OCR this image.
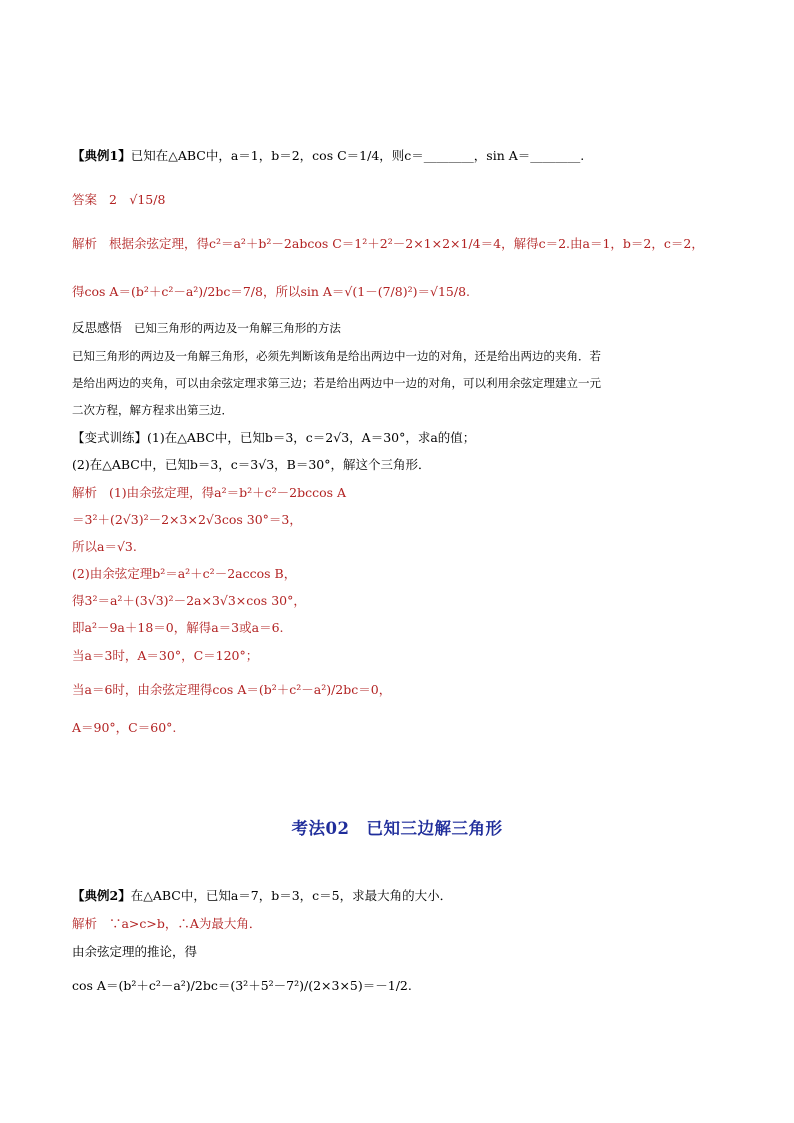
【典例1】已知在△ABC中，a＝1，b＝2，cos C＝1/4，则c＝________，sin A＝________.
答案 2　√15/8
解析 根据余弦定理，得c²＝a²＋b²－2abcos C＝1²＋2²－2×1×2×1/4＝4，解得c＝2.由a＝1，b＝2，c＝2，
得cos A＝(b²＋c²－a²)/2bc＝7/8，所以sin A＝√(1－(7/8)²)＝√15/8.
反思感悟 已知三角形的两边及一角解三角形的方法
已知三角形的两边及一角解三角形，必须先判断该角是给出两边中一边的对角，还是给出两边的夹角．若
是给出两边的夹角，可以由余弦定理求第三边；若是给出两边中一边的对角，可以利用余弦定理建立一元
二次方程，解方程求出第三边．
【变式训练】(1)在△ABC中，已知b＝3，c＝2√3，A＝30°，求a的值；
(2)在△ABC中，已知b＝3，c＝3√3，B＝30°，解这个三角形．
解析 (1)由余弦定理，得a²＝b²＋c²－2bccos A
＝3²＋(2√3)²－2×3×2√3cos 30°＝3，
所以a＝√3.
(2)由余弦定理b²＝a²＋c²－2accos B，
得3²＝a²＋(3√3)²－2a×3√3×cos 30°，
即a²－9a＋18＝0，解得a＝3或a＝6.
当a＝3时，A＝30°，C＝120°；
当a＝6时，由余弦定理得cos A＝(b²＋c²－a²)/2bc＝0，
A＝90°，C＝60°.
考法02　已知三边解三角形
【典例2】在△ABC中，已知a＝7，b＝3，c＝5，求最大角的大小．
解析 ∵a>c>b，∴A为最大角．
由余弦定理的推论，得
cos A＝(b²＋c²－a²)/2bc＝(3²＋5²－7²)/(2×3×5)＝－1/2.
